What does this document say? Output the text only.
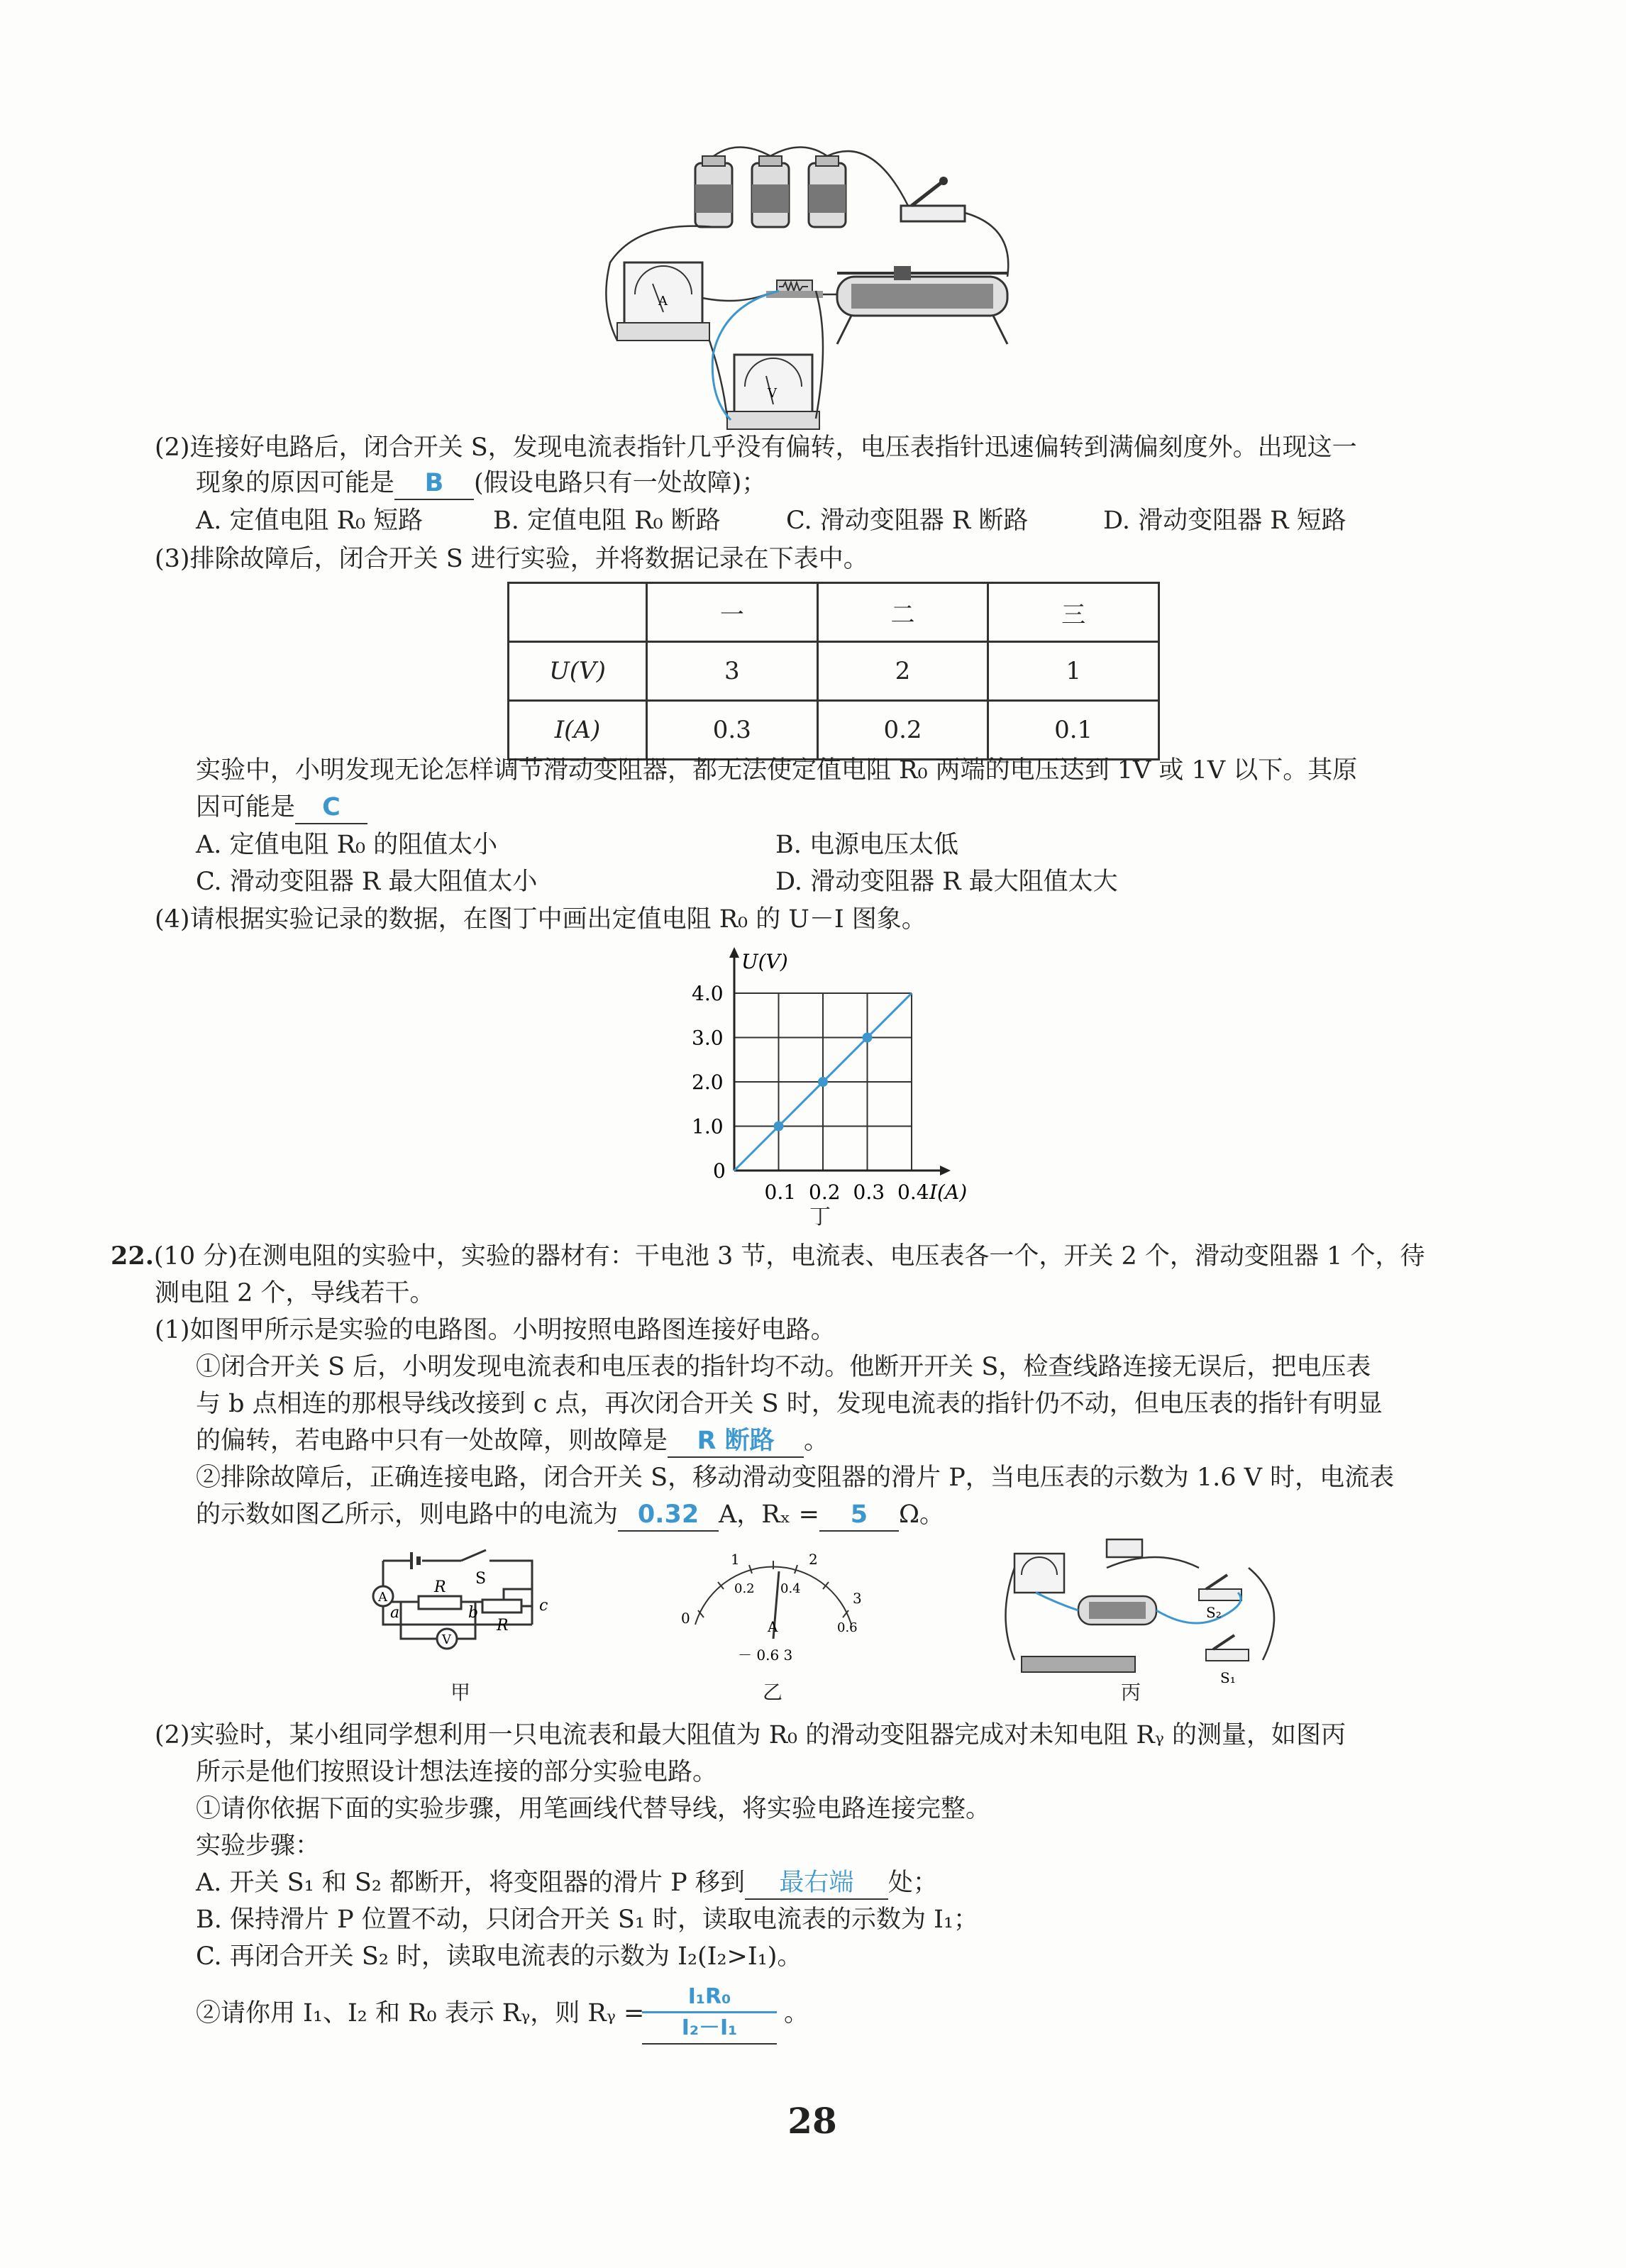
A
V
(2)连接好电路后，闭合开关 S，发现电流表指针几乎没有偏转，电压表指针迅速偏转到满偏刻度外。出现这一
现象的原因可能是 B (假设电路只有一处故障)；
A. 定值电阻 R₀ 短路	B. 定值电阻 R₀ 断路	C. 滑动变阻器 R 断路	D. 滑动变阻器 R 短路
(3)排除故障后，闭合开关 S 进行实验，并将数据记录在下表中。
	一	二	三
U(V)	3	2	1
I(A)	0.3	0.2	0.1
实验中，小明发现无论怎样调节滑动变阻器，都无法使定值电阻 R₀ 两端的电压达到 1V 或 1V 以下。其原
因可能是 C
A. 定值电阻 R₀ 的阻值太小	B. 电源电压太低
C. 滑动变阻器 R 最大阻值太小	D. 滑动变阻器 R 最大阻值太大
(4)请根据实验记录的数据，在图丁中画出定值电阻 R₀ 的 U－I 图象。
0.1 0.2 0.3 0.4
1.0
2.0
3.0
4.0
0
I(A)
U(V)
丁
22.(10 分)在测电阻的实验中，实验的器材有：干电池 3 节，电流表、电压表各一个，开关 2 个，滑动变阻器 1 个，待
测电阻 2 个，导线若干。
(1)如图甲所示是实验的电路图。小明按照电路图连接好电路。
①闭合开关 S 后，小明发现电流表和电压表的指针均不动。他断开开关 S，检查线路连接无误后，把电压表
与 b 点相连的那根导线改接到 c 点，再次闭合开关 S 时，发现电流表的指针仍不动，但电压表的指针有明显
的偏转，若电路中只有一处故障，则故障是 R 断路 。
②排除故障后，正确连接电路，闭合开关 S，移动滑动变阻器的滑片 P，当电压表的示数为 1.6 V 时，电流表
的示数如图乙所示，则电路中的电流为 0.32 A，Rₓ = 5 Ω。
A
V
S
R
R
a	b	c
甲
0
1	2
3
0.2 0.4
0.6
A
－ 0.6 3
乙
S₂
S₁
丙
(2)实验时，某小组同学想利用一只电流表和最大阻值为 R₀ 的滑动变阻器完成对未知电阻 Rᵧ 的测量，如图丙
所示是他们按照设计想法连接的部分实验电路。
①请你依据下面的实验步骤，用笔画线代替导线，将实验电路连接完整。
实验步骤：
A. 开关 S₁ 和 S₂ 都断开，将变阻器的滑片 P 移到 最右端 处；
B. 保持滑片 P 位置不动，只闭合开关 S₁ 时，读取电流表的示数为 I₁；
C. 再闭合开关 S₂ 时，读取电流表的示数为 I₂(I₂>I₁)。
②请你用 I₁、I₂ 和 R₀ 表示 Rᵧ，则 Rᵧ =
$\frac{\text{I₁R₀}}{\text{I₂－I₁}}$ 。
28
